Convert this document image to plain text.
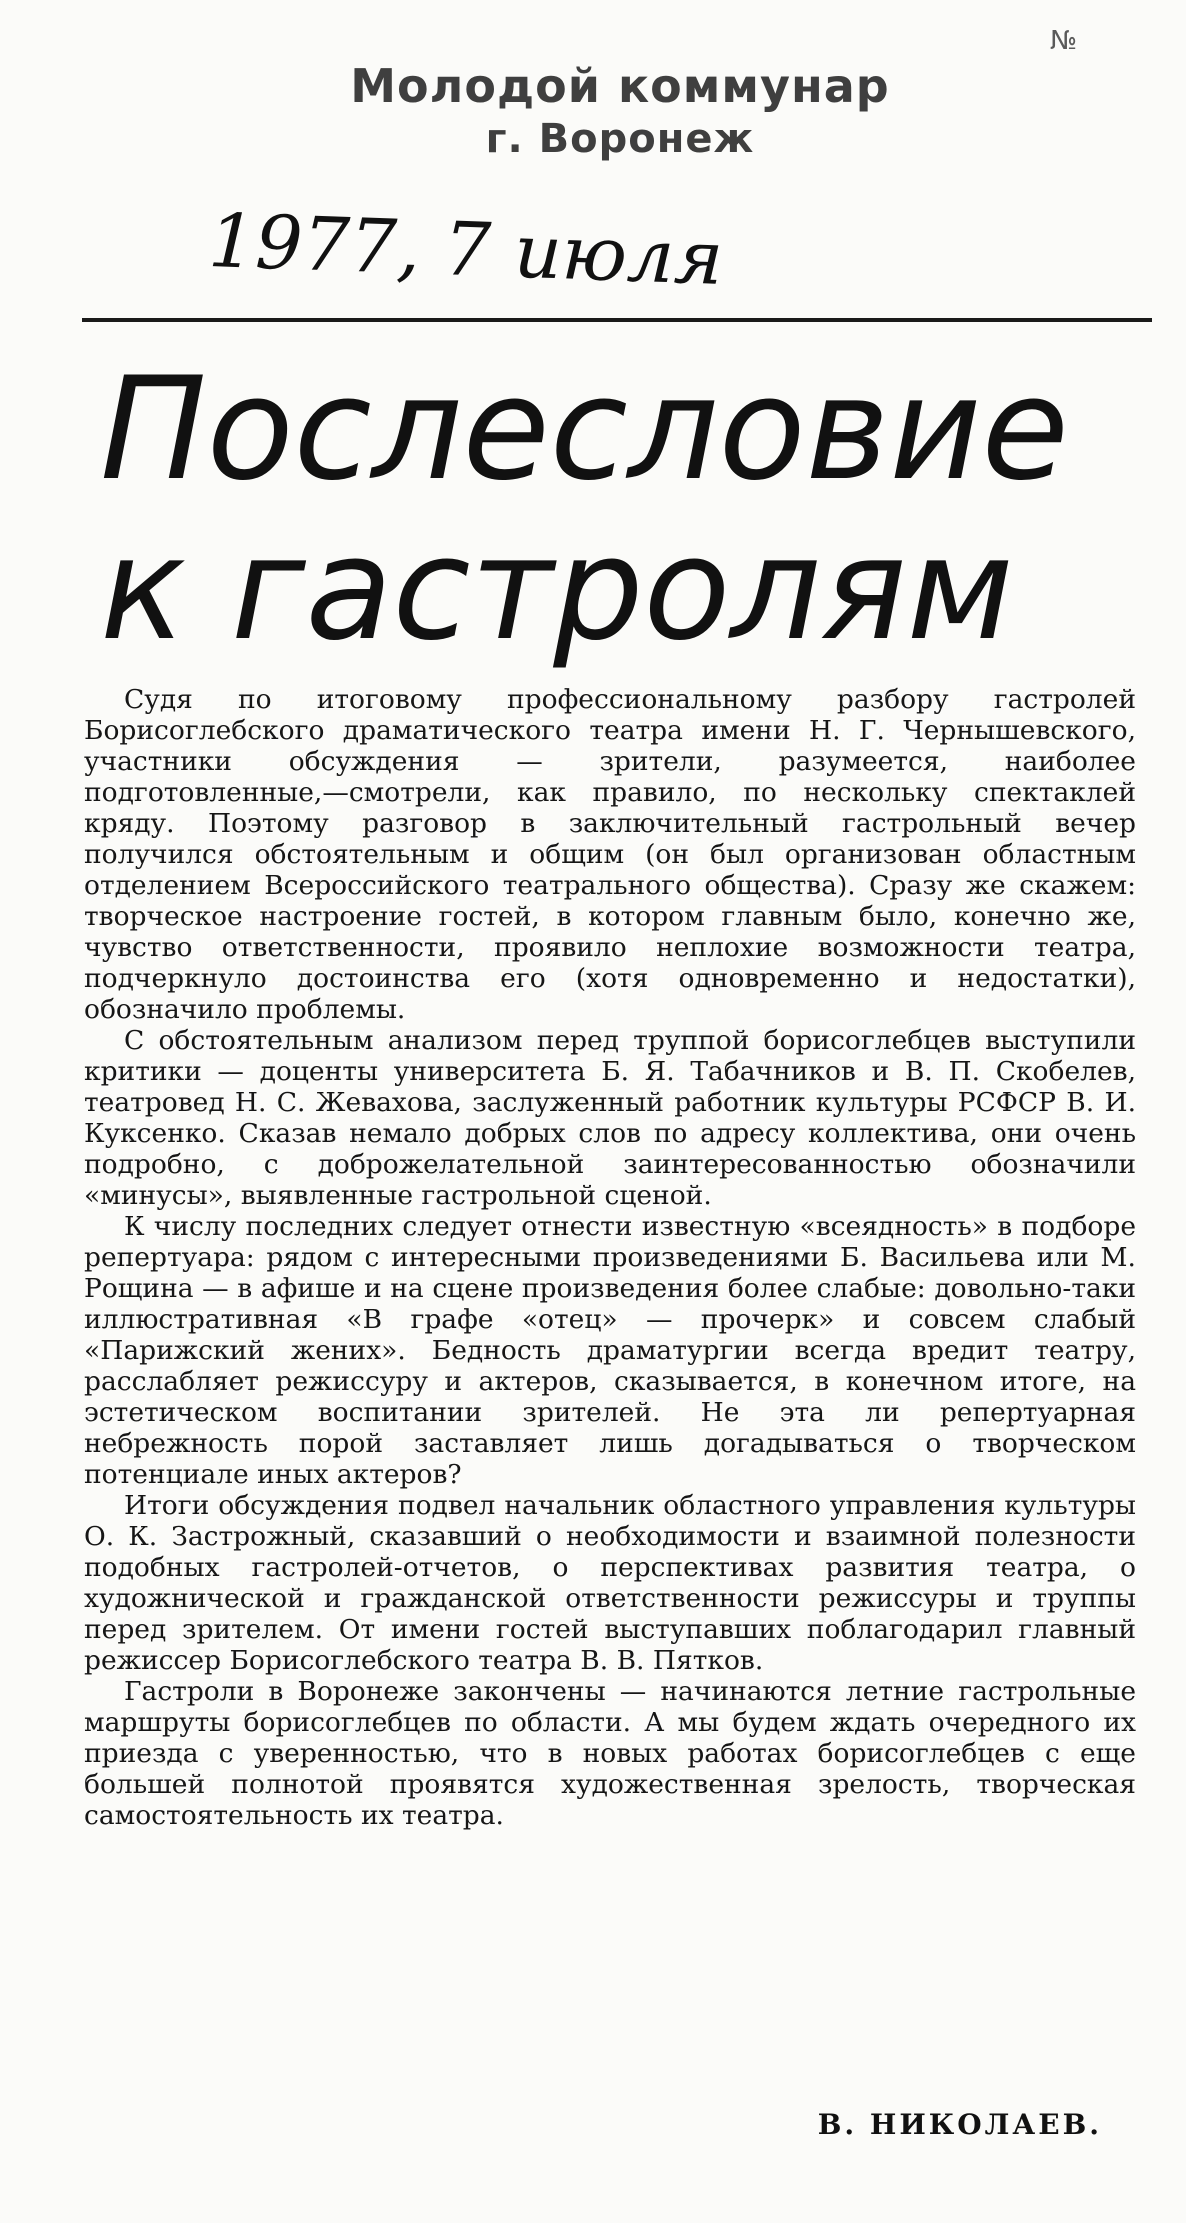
№
Молодой коммунар
г. Воронеж
1977, 7 июля
Послесловие
к гастролям

Судя по итоговому профессиональному разбору гастролей Борисоглебского драматического театра имени Н. Г. Чернышевского, участники обсуждения — зрители, разумеется, наиболее подготовленные,—смотрели, как правило, по нескольку спектаклей кряду. Поэтому разговор в заключительный гастрольный вечер получился обстоятельным и общим (он был организован областным отделением Всероссийского театрального общества). Сразу же скажем: творческое настроение гостей, в котором главным было, конечно же, чувство ответственности, проявило неплохие возможности театра, подчеркнуло достоинства его (хотя одновременно и недостатки), обозначило проблемы.

С обстоятельным анализом перед труппой борисоглебцев выступили критики — доценты университета Б. Я. Табачников и В. П. Скобелев, театровед Н. С. Жевахова, заслуженный работник культуры РСФСР В. И. Куксенко. Сказав немало добрых слов по адресу коллектива, они очень подробно, с доброжелательной заинтересованностью обозначили «минусы», выявленные гастрольной сценой.

К числу последних следует отнести известную «всеядность» в подборе репертуара: рядом с интересными произведениями Б. Васильева или М. Рощина — в афише и на сцене произведения более слабые: довольно-таки иллюстративная «В графе «отец» — прочерк» и совсем слабый «Парижский жених». Бедность драматургии всегда вредит театру, расслабляет режиссуру и актеров, сказывается, в конечном итоге, на эстетическом воспитании зрителей. Не эта ли репертуарная небрежность порой заставляет лишь догадываться о творческом потенциале иных актеров?

Итоги обсуждения подвел начальник областного управления культуры О. К. Застрожный, сказавший о необходимости и взаимной полезности подобных гастролей-отчетов, о перспективах развития театра, о художнической и гражданской ответственности режиссуры и труппы перед зрителем. От имени гостей выступавших поблагодарил главный режиссер Борисоглебского театра В. В. Пятков.

Гастроли в Воронеже закончены — начинаются летние гастрольные маршруты борисоглебцев по области. А мы будем ждать очередного их приезда с уверенностью, что в новых работах борисоглебцев с еще большей полнотой проявятся художественная зрелость, творческая самостоятельность их театра.

В. НИКОЛАЕВ.
